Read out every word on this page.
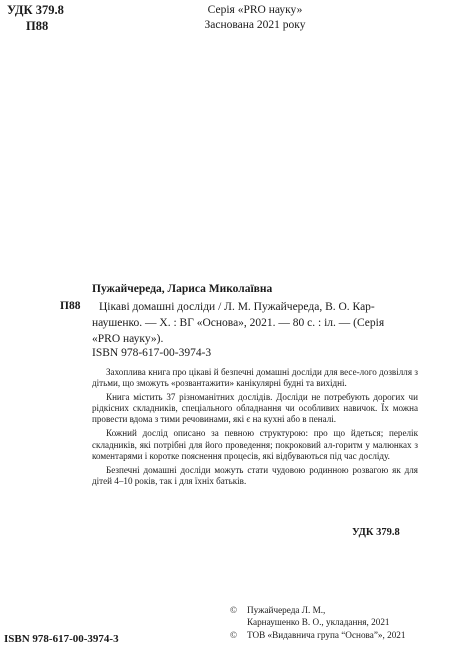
УДК 379.8
П88
Серія «PRO науку»
Заснована 2021 року
Пужайчереда, Лариса Миколаївна
П88	Цікаві домашні досліди / Л. М. Пужайчереда, В. О. Кар-

наушенко. — Х. : ВГ «Основа», 2021. — 80 с. : іл. — (Серія

«PRO науку»).

ISBN 978-617-00-3974-3

Захоплива книга про цікаві й безпечні домашні досліди для весе-лого дозвілля з дітьми, що зможуть «розвантажити» канікулярні будні та вихідні.

Книга містить 37 різноманітних дослідів. Досліди не потребують дорогих чи рідкісних складників, спеціального обладнання чи особливих навичок. Їх можна провести вдома з тими речовинами, які є на кухні або в пеналі.

Кожний дослід описано за певною структурою: про що йдеться; перелік складників, які потрібні для його проведення; покроковий ал-горитм у малюнках з коментарями і коротке пояснення процесів, які відбуваються під час досліду.

Безпечні домашні досліди можуть стати чудовою родинною розвагою як для дітей 4–10 років, так і для їхніх батьків.

УДК 379.8
ISBN 978-617-00-3974-3
©	Пужайчереда Л. М.,
Карнаушенко В. О., укладання, 2021
©	ТОВ «Видавнича група “Основа”», 2021
